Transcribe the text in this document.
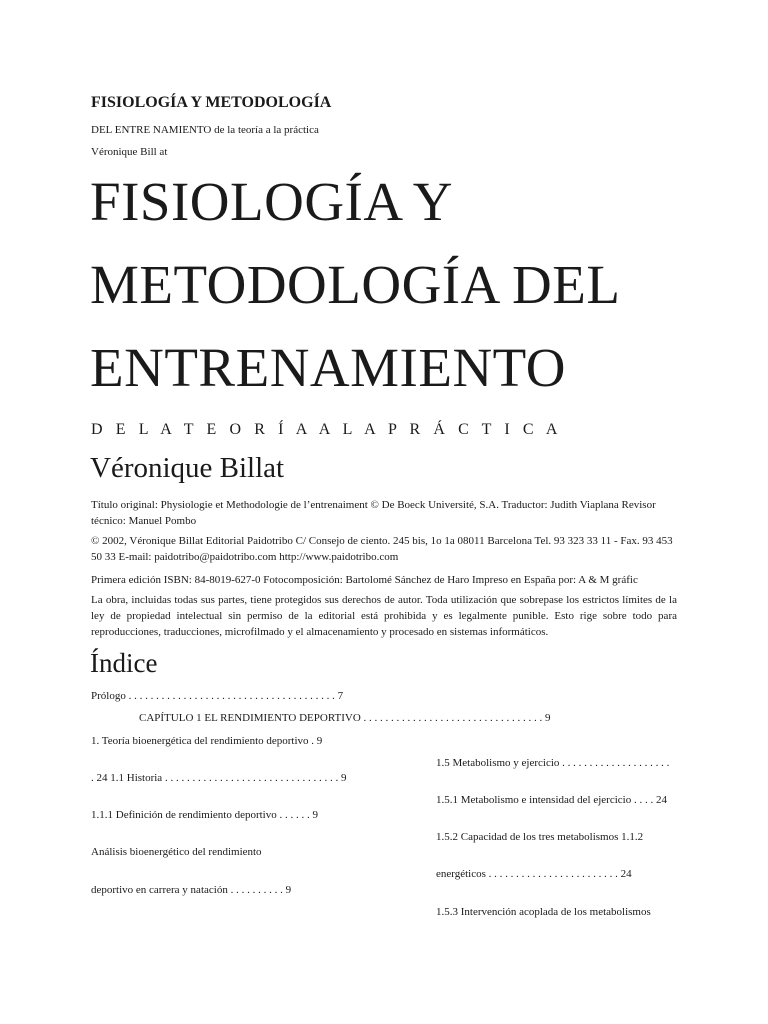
FISIOLOGÍA Y METODOLOGÍA

DEL ENTRE NAMIENTO de la teoría a la práctica

Véronique Bill at

FISIOLOGÍA Y

METODOLOGÍA DEL

ENTRENAMIENTO

D E L A T E O R Í A A L A P R Á C T I C A

Véronique Billat

Título original: Physiologie et Methodologie de l’entrenaiment © De Boeck Université, S.A. Traductor: Judith Viaplana Revisor técnico: Manuel Pombo

© 2002, Véronique Billat Editorial Paidotribo C/ Consejo de ciento. 245 bis, 1o 1a 08011 Barcelona Tel. 93 323 33 11 - Fax. 93 453 50 33 E-mail: paidotribo@paidotribo.com http://www.paidotribo.com

Primera edición ISBN: 84-8019-627-0 Fotocomposición: Bartolomé Sánchez de Haro Impreso en España por: A & M gráfic

La obra, incluidas todas sus partes, tiene protegidos sus derechos de autor. Toda utilización que sobrepase los estrictos límites de la ley de propiedad intelectual sin permiso de la editorial está prohibida y es legalmente punible. Esto rige sobre todo para reproducciones, traducciones, microfilmado y el almacenamiento y procesado en sistemas informáticos.

Índice

Prólogo . . . . . . . . . . . . . . . . . . . . . . . . . . . . . . . . . . . . . . 7

CAPÍTULO 1 EL RENDIMIENTO DEPORTIVO . . . . . . . . . . . . . . . . . . . . . . . . . . . . . . . . . 9

1. Teoría bioenergética del rendimiento deportivo . 9

. 24 1.1 Historia . . . . . . . . . . . . . . . . . . . . . . . . . . . . . . . . 9

1.1.1 Definición de rendimiento deportivo . . . . . . 9

Análisis bioenergético del rendimiento

deportivo en carrera y natación . . . . . . . . . . 9

1.5 Metabolismo y ejercicio . . . . . . . . . . . . . . . . . . . .

1.5.1 Metabolismo e intensidad del ejercicio . . . . 24

1.5.2 Capacidad de los tres metabolismos 1.1.2

energéticos . . . . . . . . . . . . . . . . . . . . . . . . 24

1.5.3 Intervención acoplada de los metabolismos
